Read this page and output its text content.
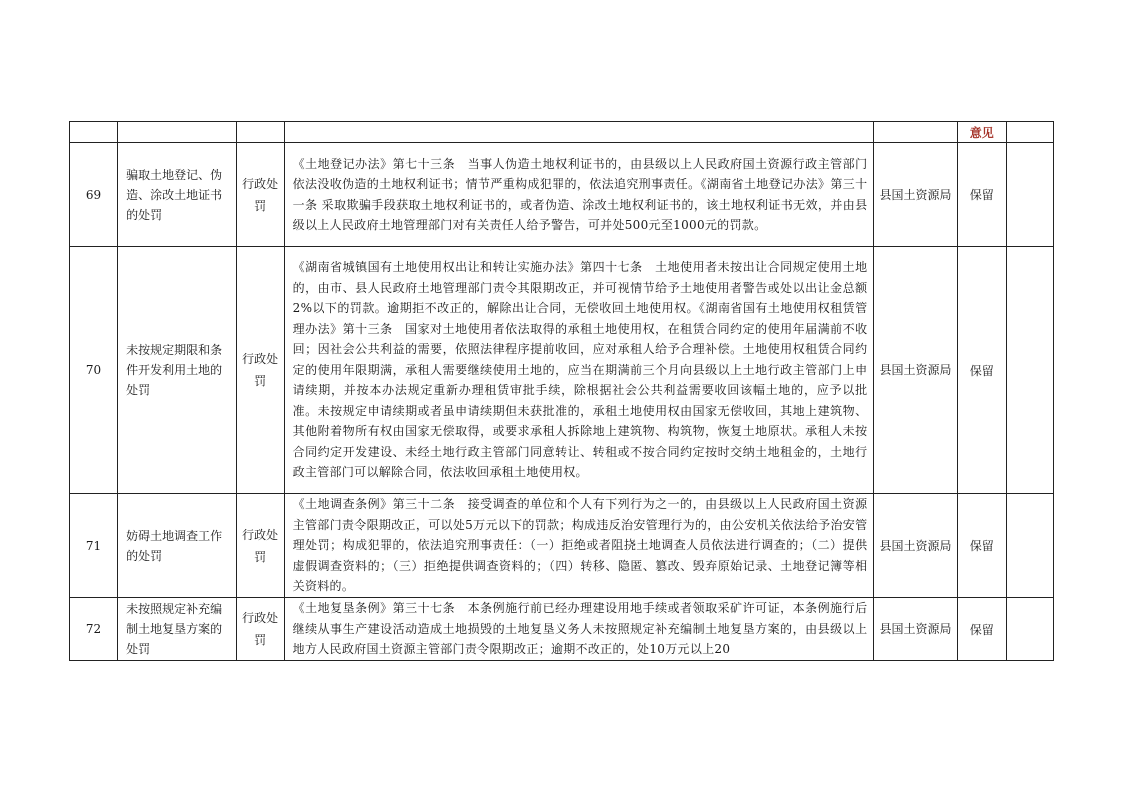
					意见	
69	骗取土地登记、伪造、涂改土地证书的处罚	行政处罚	《土地登记办法》第七十三条　当事人伪造土地权利证书的，由县级以上人民政府国土资源行政主管部门依法没收伪造的土地权利证书；情节严重构成犯罪的，依法追究刑事责任。《湖南省土地登记办法》第三十一条 采取欺骗手段获取土地权利证书的，或者伪造、涂改土地权利证书的，该土地权利证书无效，并由县级以上人民政府土地管理部门对有关责任人给予警告，可并处500元至1000元的罚款。	县国土资源局	保留	
70	未按规定期限和条件开发利用土地的处罚	行政处罚	《湖南省城镇国有土地使用权出让和转让实施办法》第四十七条　土地使用者未按出让合同规定使用土地的，由市、县人民政府土地管理部门责令其限期改正，并可视情节给予土地使用者警告或处以出让金总额 2%以下的罚款。逾期拒不改正的，解除出让合同，无偿收回土地使用权。《湖南省国有土地使用权租赁管理办法》第十三条　国家对土地使用者依法取得的承租土地使用权，在租赁合同约定的使用年届满前不收回；因社会公共利益的需要，依照法律程序提前收回，应对承租人给予合理补偿。土地使用权租赁合同约定的使用年限期满，承租人需要继续使用土地的，应当在期满前三个月向县级以上土地行政主管部门上申请续期，并按本办法规定重新办理租赁审批手续，除根据社会公共利益需要收回该幅土地的，应予以批准。未按规定申请续期或者虽申请续期但未获批准的，承租土地使用权由国家无偿收回，其地上建筑物、其他附着物所有权由国家无偿取得，或要求承租人拆除地上建筑物、构筑物，恢复土地原状。承租人未按合同约定开发建设、未经土地行政主管部门同意转让、转租或不按合同约定按时交纳土地租金的，土地行政主管部门可以解除合同，依法收回承租土地使用权。	县国土资源局	保留	
71	妨碍土地调查工作的处罚	行政处罚	《土地调查条例》第三十二条　接受调查的单位和个人有下列行为之一的，由县级以上人民政府国土资源主管部门责令限期改正，可以处5万元以下的罚款；构成违反治安管理行为的，由公安机关依法给予治安管理处罚；构成犯罪的，依法追究刑事责任：（一）拒绝或者阻挠土地调查人员依法进行调查的；（二）提供虚假调查资料的；（三）拒绝提供调查资料的；（四）转移、隐匿、篡改、毁弃原始记录、土地登记簿等相关资料的。	县国土资源局	保留	
72	未按照规定补充编制土地复垦方案的处罚	行政处罚	《土地复垦条例》第三十七条　本条例施行前已经办理建设用地手续或者领取采矿许可证，本条例施行后继续从事生产建设活动造成土地损毁的土地复垦义务人未按照规定补充编制土地复垦方案的，由县级以上地方人民政府国土资源主管部门责令限期改正；逾期不改正的，处10万元以上20	县国土资源局	保留	
